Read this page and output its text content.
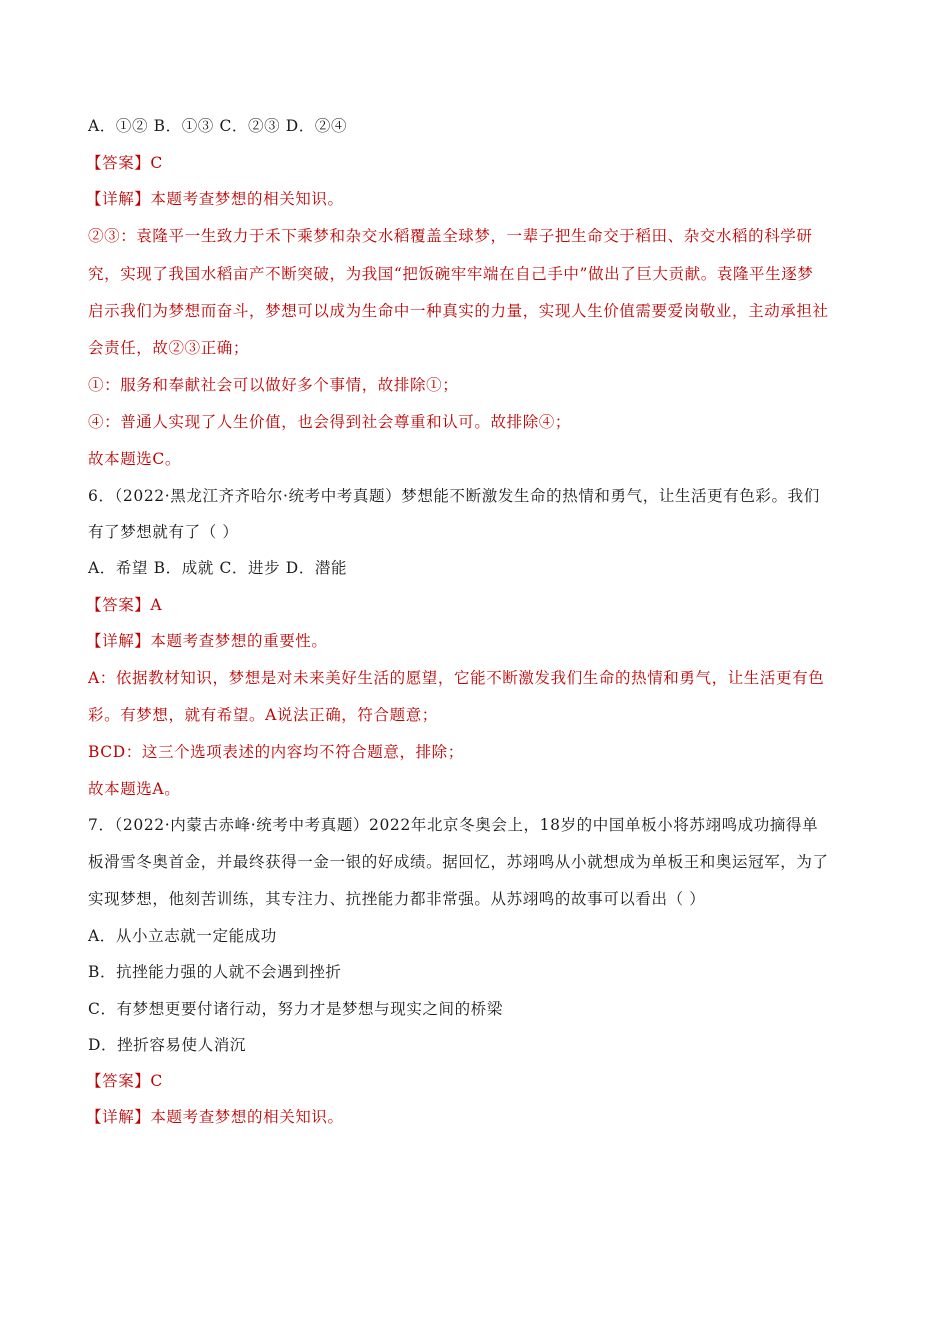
A．①② B．①③ C．②③ D．②④
【答案】C
【详解】本题考查梦想的相关知识。
②③：袁隆平一生致力于禾下乘梦和杂交水稻覆盖全球梦，一辈子把生命交于稻田、杂交水稻的科学研
究，实现了我国水稻亩产不断突破，为我国“把饭碗牢牢端在自己手中”做出了巨大贡献。袁隆平生逐梦
启示我们为梦想而奋斗，梦想可以成为生命中一种真实的力量，实现人生价值需要爱岗敬业，主动承担社
会责任，故②③正确；
①：服务和奉献社会可以做好多个事情，故排除①；
④：普通人实现了人生价值，也会得到社会尊重和认可。故排除④；
故本题选C。
6．（2022·黑龙江齐齐哈尔·统考中考真题）梦想能不断激发生命的热情和勇气，让生活更有色彩。我们
有了梦想就有了（ ）
A．希望 B．成就 C．进步 D．潜能
【答案】A
【详解】本题考查梦想的重要性。
A：依据教材知识，梦想是对未来美好生活的愿望，它能不断激发我们生命的热情和勇气，让生活更有色
彩。有梦想，就有希望。A说法正确，符合题意；
BCD：这三个选项表述的内容均不符合题意，排除；
故本题选A。
7．（2022·内蒙古赤峰·统考中考真题）2022年北京冬奥会上，18岁的中国单板小将苏翊鸣成功摘得单
板滑雪冬奥首金，并最终获得一金一银的好成绩。据回忆，苏翊鸣从小就想成为单板王和奥运冠军，为了
实现梦想，他刻苦训练，其专注力、抗挫能力都非常强。从苏翊鸣的故事可以看出（ ）
A．从小立志就一定能成功
B．抗挫能力强的人就不会遇到挫折
C．有梦想更要付诸行动，努力才是梦想与现实之间的桥梁
D．挫折容易使人消沉
【答案】C
【详解】本题考查梦想的相关知识。
